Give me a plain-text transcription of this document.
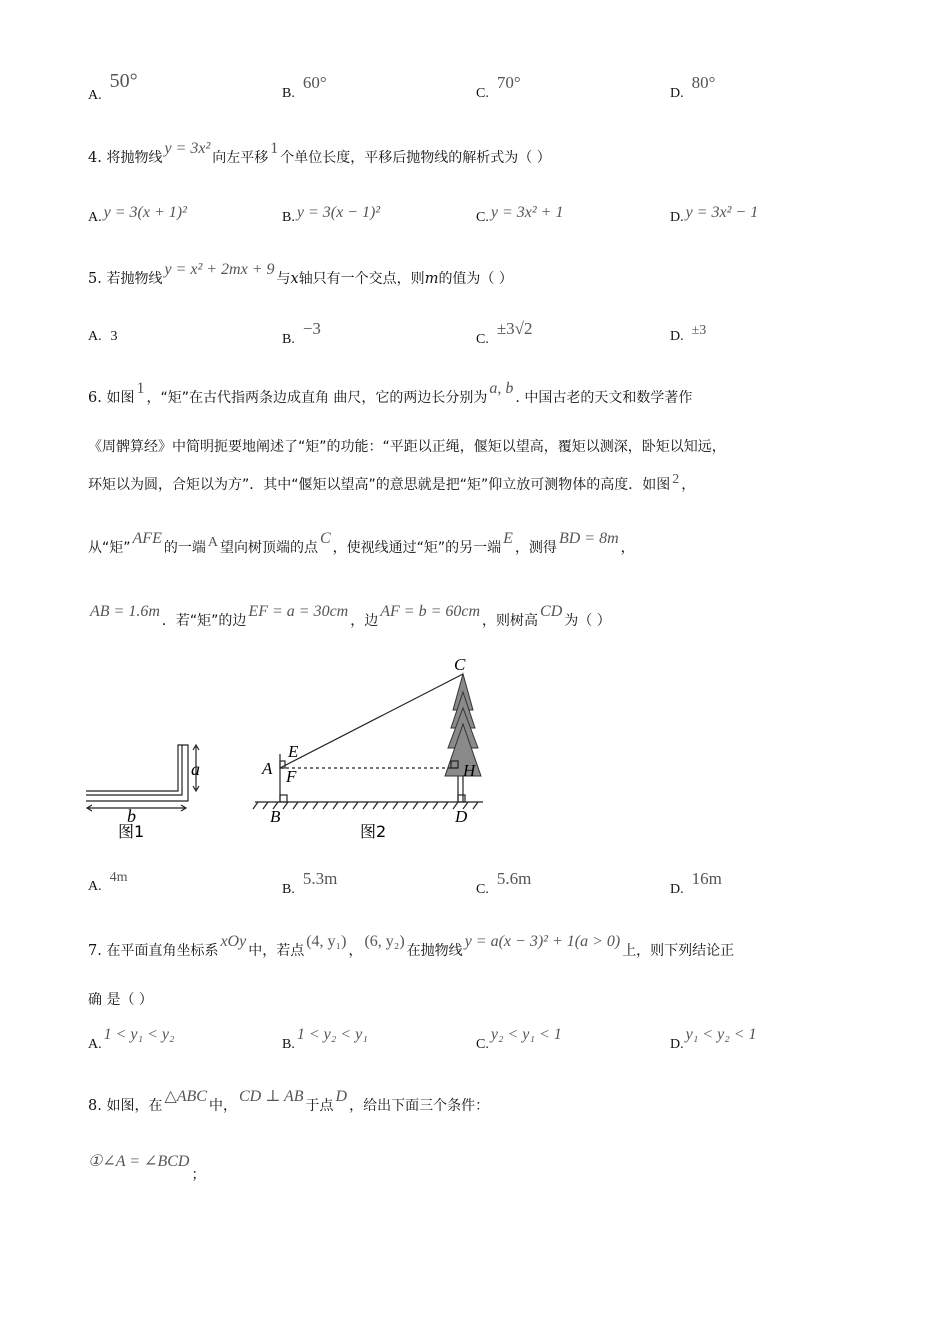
A.50°
B.60°
C.70°
D.80°
4. 将抛物线y = 3x²向左平移1个单位长度，平移后抛物线的解析式为（ ）
A. y = 3(x + 1)²	B. y = 3(x − 1)²	C. y = 3x² + 1	D. y = 3x² − 1
5. 若抛物线y = x² + 2mx + 9与x轴只有一个交点，则m的值为（ ）
A. 3	B.−3
C.±3√2	D. ±3
6. 如图1，“矩”在古代指两条边成直角 曲尺，它的两边长分别为a, b. 中国古老的天文和数学著作
《周髀算经》中简明扼要地阐述了“矩”的功能：“平距以正绳，偃矩以望高，覆矩以测深，卧矩以知远，
环矩以为圆，合矩以为方”．其中“偃矩以望高”的意思就是把“矩”仰立放可测物体的高度．如图 2 ，
从“矩”AFE的一端 A 望向树顶端的点C，使视线通过“矩”的另一端E，测得BD = 8m，
AB = 1.6m．若“矩”的边EF = a = 30cm，边AF = b = 60cm，则树高CD为（ ）
a
b
图1
C
E
A F	H
B	D
图2
A.4m
B.5.3m
C.5.6m
D.16m
7. 在平面直角坐标系xOy中，若点(4, y₁)，(6, y₂)在抛物线y = a(x − 3)² + 1(a > 0)上，则下列结论正
确 是（ ）
A.1 < y₁ < y₂
B.1 < y₂ < y₁
C.y₂ < y₁ < 1
D.y₁ < y₂ < 1
8. 如图，在△ABC中，CD ⊥ AB于点D，给出下面三个条件：
①∠A = ∠BCD；
